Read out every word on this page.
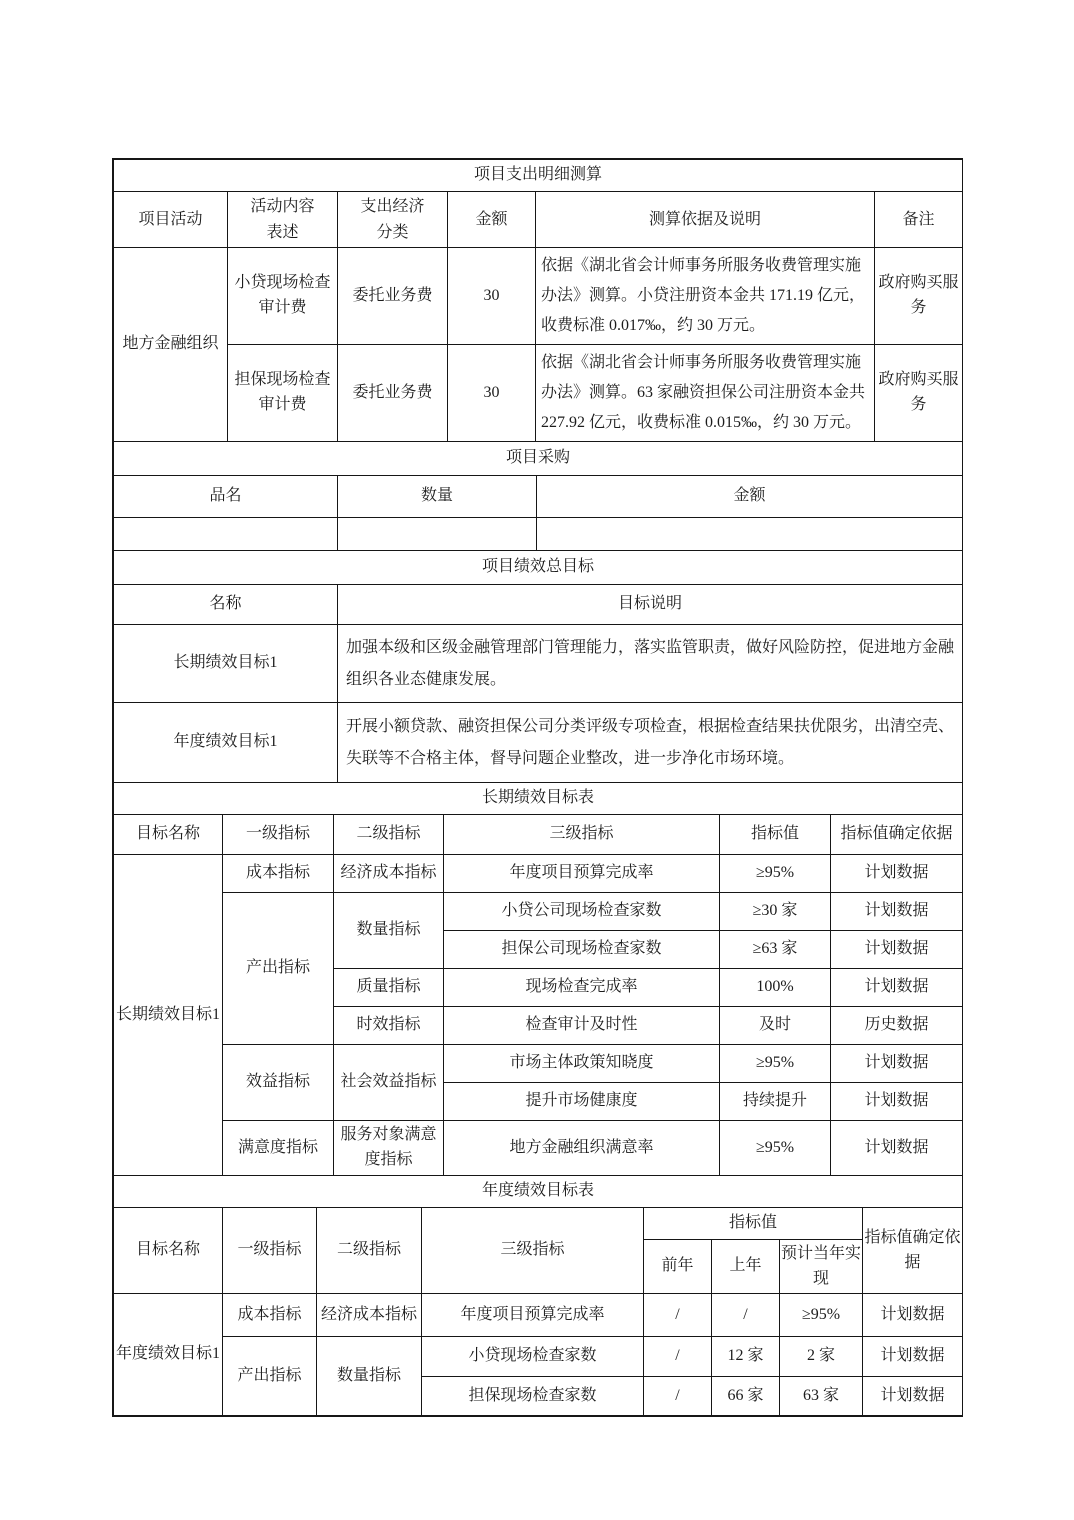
项目支出明细测算					
项目活动	活动内容表述	支出经济分类	金额	测算依据及说明	备注
地方金融组织	小贷现场检查审计费	委托业务费	30	依据《湖北省会计师事务所服务收费管理实施办法》测算。小贷注册资本金共 171.19 亿元，收费标准 0.017‰，约 30 万元。	政府购买服务
	担保现场检查审计费	委托业务费	30	依据《湖北省会计师事务所服务收费管理实施办法》测算。63 家融资担保公司注册资本金共 227.92 亿元，收费标准 0.015‰，约 30 万元。	政府购买服务
项目采购		
品名	数量	金额

项目绩效总目标	
名称	目标说明
长期绩效目标1	加强本级和区级金融管理部门管理能力，落实监管职责，做好风险防控，促进地方金融组织各业态健康发展。
年度绩效目标1	开展小额贷款、融资担保公司分类评级专项检查，根据检查结果扶优限劣，出清空壳、失联等不合格主体，督导问题企业整改，进一步净化市场环境。
长期绩效目标表					
目标名称	一级指标	二级指标	三级指标	指标值	指标值确定依据
长期绩效目标1	成本指标	经济成本指标	年度项目预算完成率	≥95%	计划数据
	产出指标	数量指标	小贷公司现场检查家数	≥30 家	计划数据
			担保公司现场检查家数	≥63 家	计划数据
		质量指标	现场检查完成率	100%	计划数据
		时效指标	检查审计及时性	及时	历史数据
	效益指标	社会效益指标	市场主体政策知晓度	≥95%	计划数据
			提升市场健康度	持续提升	计划数据
	满意度指标	服务对象满意度指标	地方金融组织满意率	≥95%	计划数据
年度绩效目标表							
目标名称	一级指标	二级指标	三级指标	指标值			指标值确定依据
				前年	上年	预计当年实现	
年度绩效目标1	成本指标	经济成本指标	年度项目预算完成率	/	/	≥95%	计划数据
	产出指标	数量指标	小贷现场检查家数	/	12 家	2 家	计划数据
			担保现场检查家数	/	66 家	63 家	计划数据
